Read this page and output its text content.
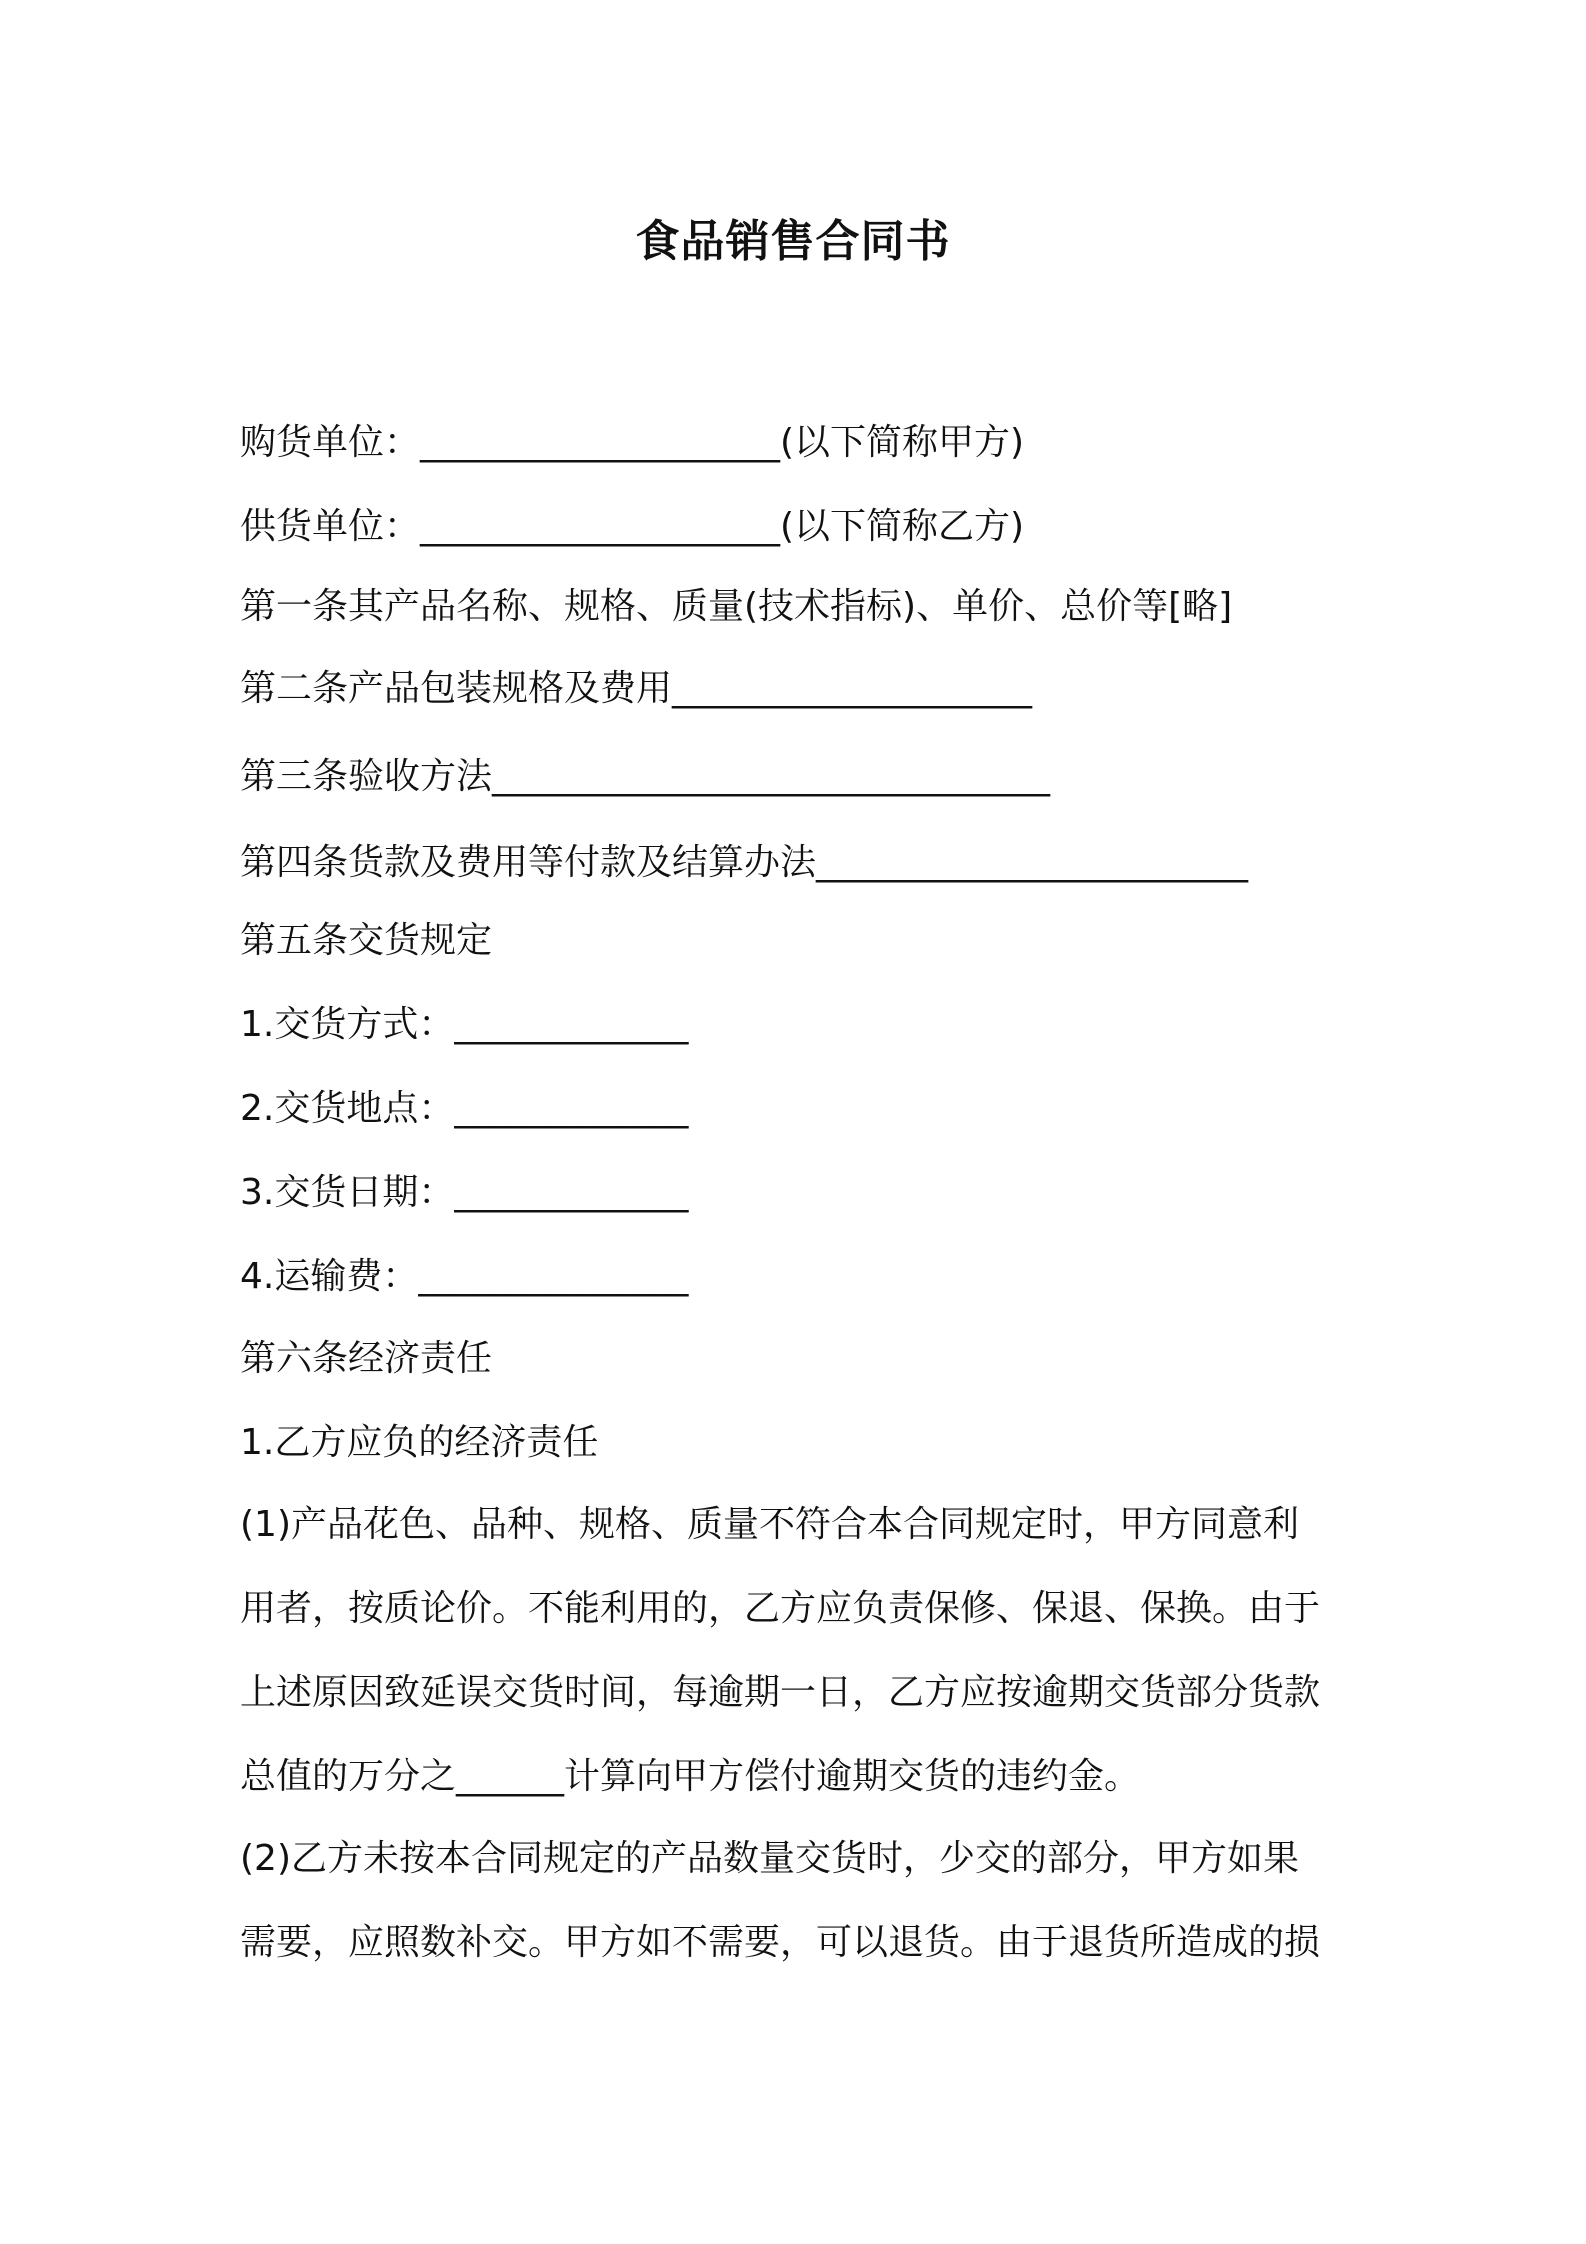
食品销售合同书
购货单位：____________________(以下简称甲方)
供货单位：____________________(以下简称乙方)
第一条其产品名称、规格、质量(技术指标)、单价、总价等[略]
第二条产品包装规格及费用____________________
第三条验收方法_______________________________
第四条货款及费用等付款及结算办法________________________
第五条交货规定
1.交货方式：_____________
2.交货地点：_____________
3.交货日期：_____________
4.运输费：_______________
第六条经济责任
1.乙方应负的经济责任
(1)产品花色、品种、规格、质量不符合本合同规定时，甲方同意利
用者，按质论价。不能利用的，乙方应负责保修、保退、保换。由于
上述原因致延误交货时间，每逾期一日，乙方应按逾期交货部分货款
总值的万分之______计算向甲方偿付逾期交货的违约金。
(2)乙方未按本合同规定的产品数量交货时，少交的部分，甲方如果
需要，应照数补交。甲方如不需要，可以退货。由于退货所造成的损
